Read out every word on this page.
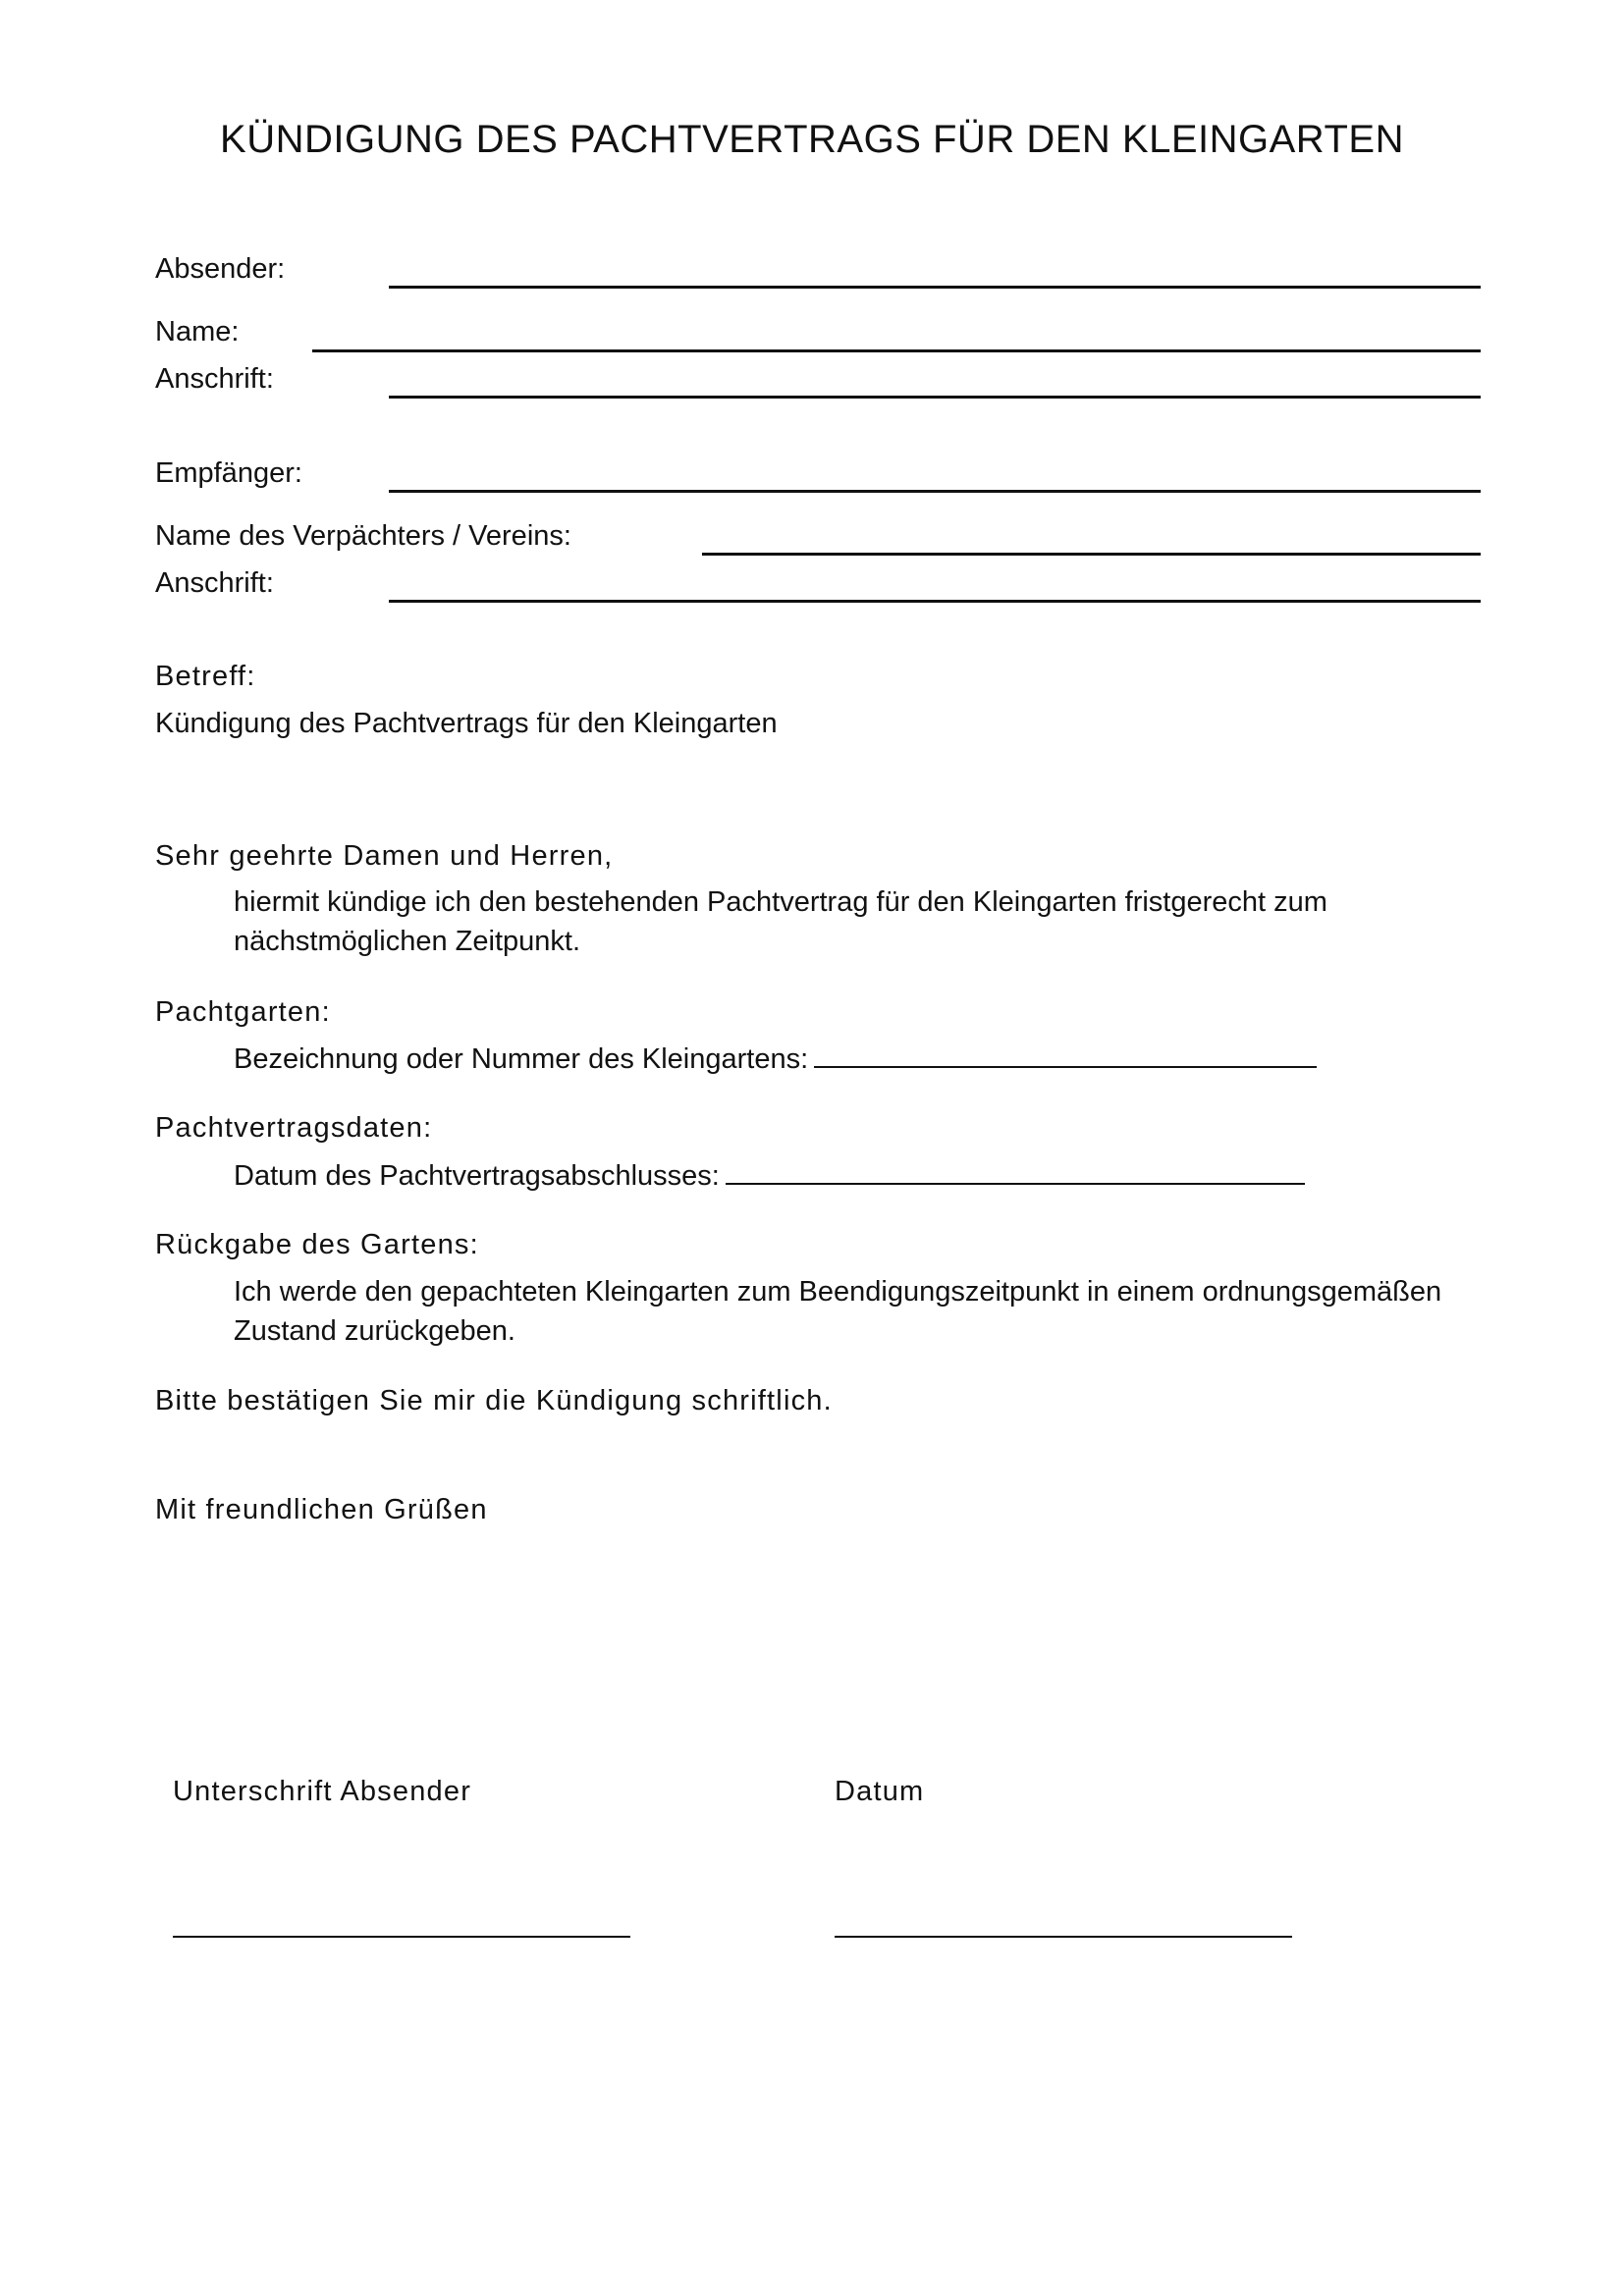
KÜNDIGUNG DES PACHTVERTRAGS FÜR DEN KLEINGARTEN
Absender:
Name:
Anschrift:
Empfänger:
Name des Verpächters / Vereins:
Anschrift:
Betreff:
Kündigung des Pachtvertrags für den Kleingarten
Sehr geehrte Damen und Herren,
hiermit kündige ich den bestehenden Pachtvertrag für den Kleingarten fristgerecht zum
nächstmöglichen Zeitpunkt.
Pachtgarten:
Bezeichnung oder Nummer des Kleingartens:
Pachtvertragsdaten:
Datum des Pachtvertragsabschlusses:
Rückgabe des Gartens:
Ich werde den gepachteten Kleingarten zum Beendigungszeitpunkt in einem ordnungsgemäßen
Zustand zurückgeben.
Bitte bestätigen Sie mir die Kündigung schriftlich.
Mit freundlichen Grüßen
Unterschrift Absender	Datum
